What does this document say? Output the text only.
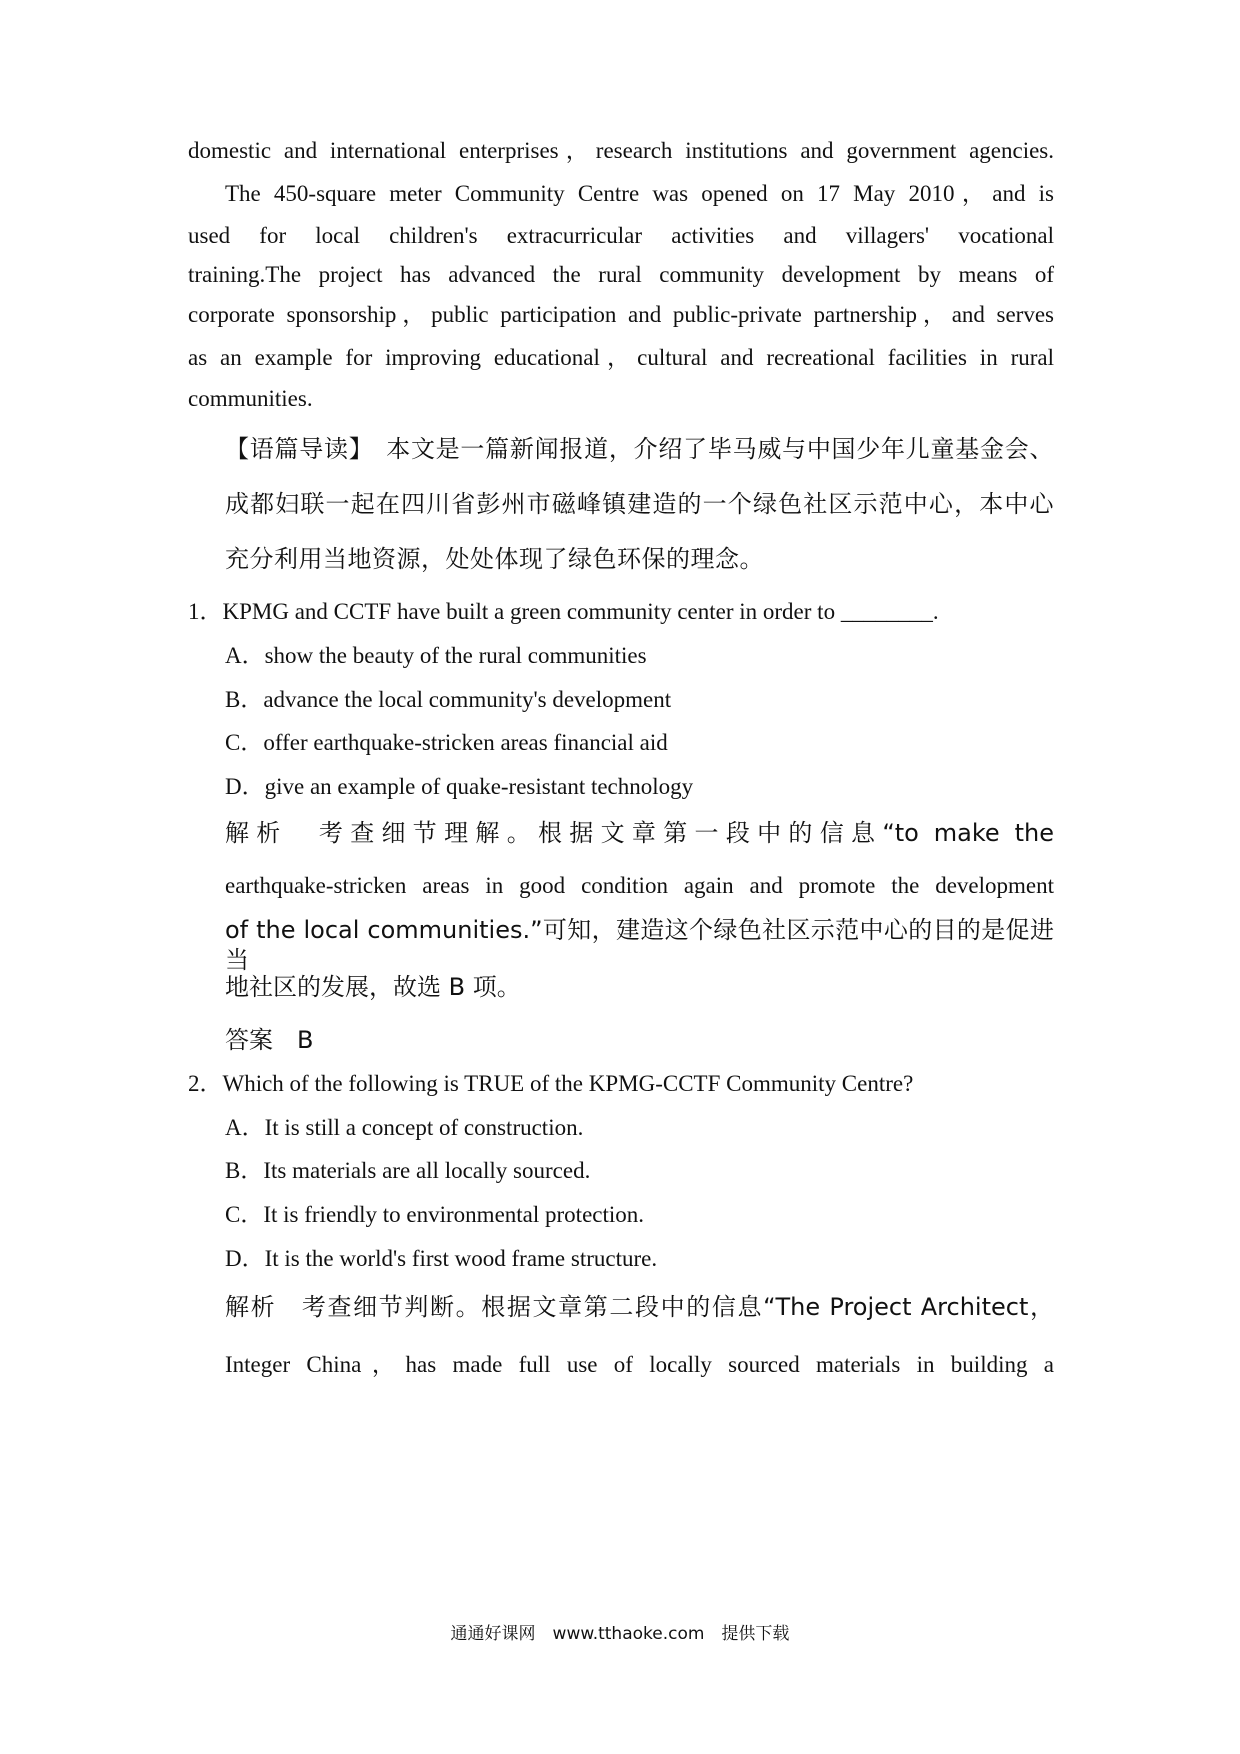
domestic and international enterprises，research institutions and government agencies.
The 450-square meter Community Centre was opened on 17 May 2010，and is
used for local children's extracurricular activities and villagers' vocational
training.The project has advanced the rural community development by means of
corporate sponsorship，public participation and public-private partnership，and serves
as an example for improving educational，cultural and recreational facilities in rural
communities.
【语篇导读】　本文是一篇新闻报道，介绍了毕马威与中国少年儿童基金会、
成都妇联一起在四川省彭州市磁峰镇建造的一个绿色社区示范中心，本中心
充分利用当地资源，处处体现了绿色环保的理念。
1．KPMG and CCTF have built a green community center in order to ________.
A．show the beauty of the rural communities
B．advance the local community's development
C．offer earthquake-stricken areas financial aid
D．give an example of quake-resistant technology
解析　考查细节理解。根据文章第一段中的信息“to make the
earthquake-stricken areas in good condition again and promote the development
of the local communities.”可知，建造这个绿色社区示范中心的目的是促进当
地社区的发展，故选 B 项。
答案　B
2．Which of the following is TRUE of the KPMG-CCTF Community Centre?
A．It is still a concept of construction.
B．Its materials are all locally sourced.
C．It is friendly to environmental protection.
D．It is the world's first wood frame structure.
解析　考查细节判断。根据文章第二段中的信息“The Project Architect，
Integer China，has made full use of locally sourced materials in building a
通通好课网　www.tthaoke.com　提供下载
